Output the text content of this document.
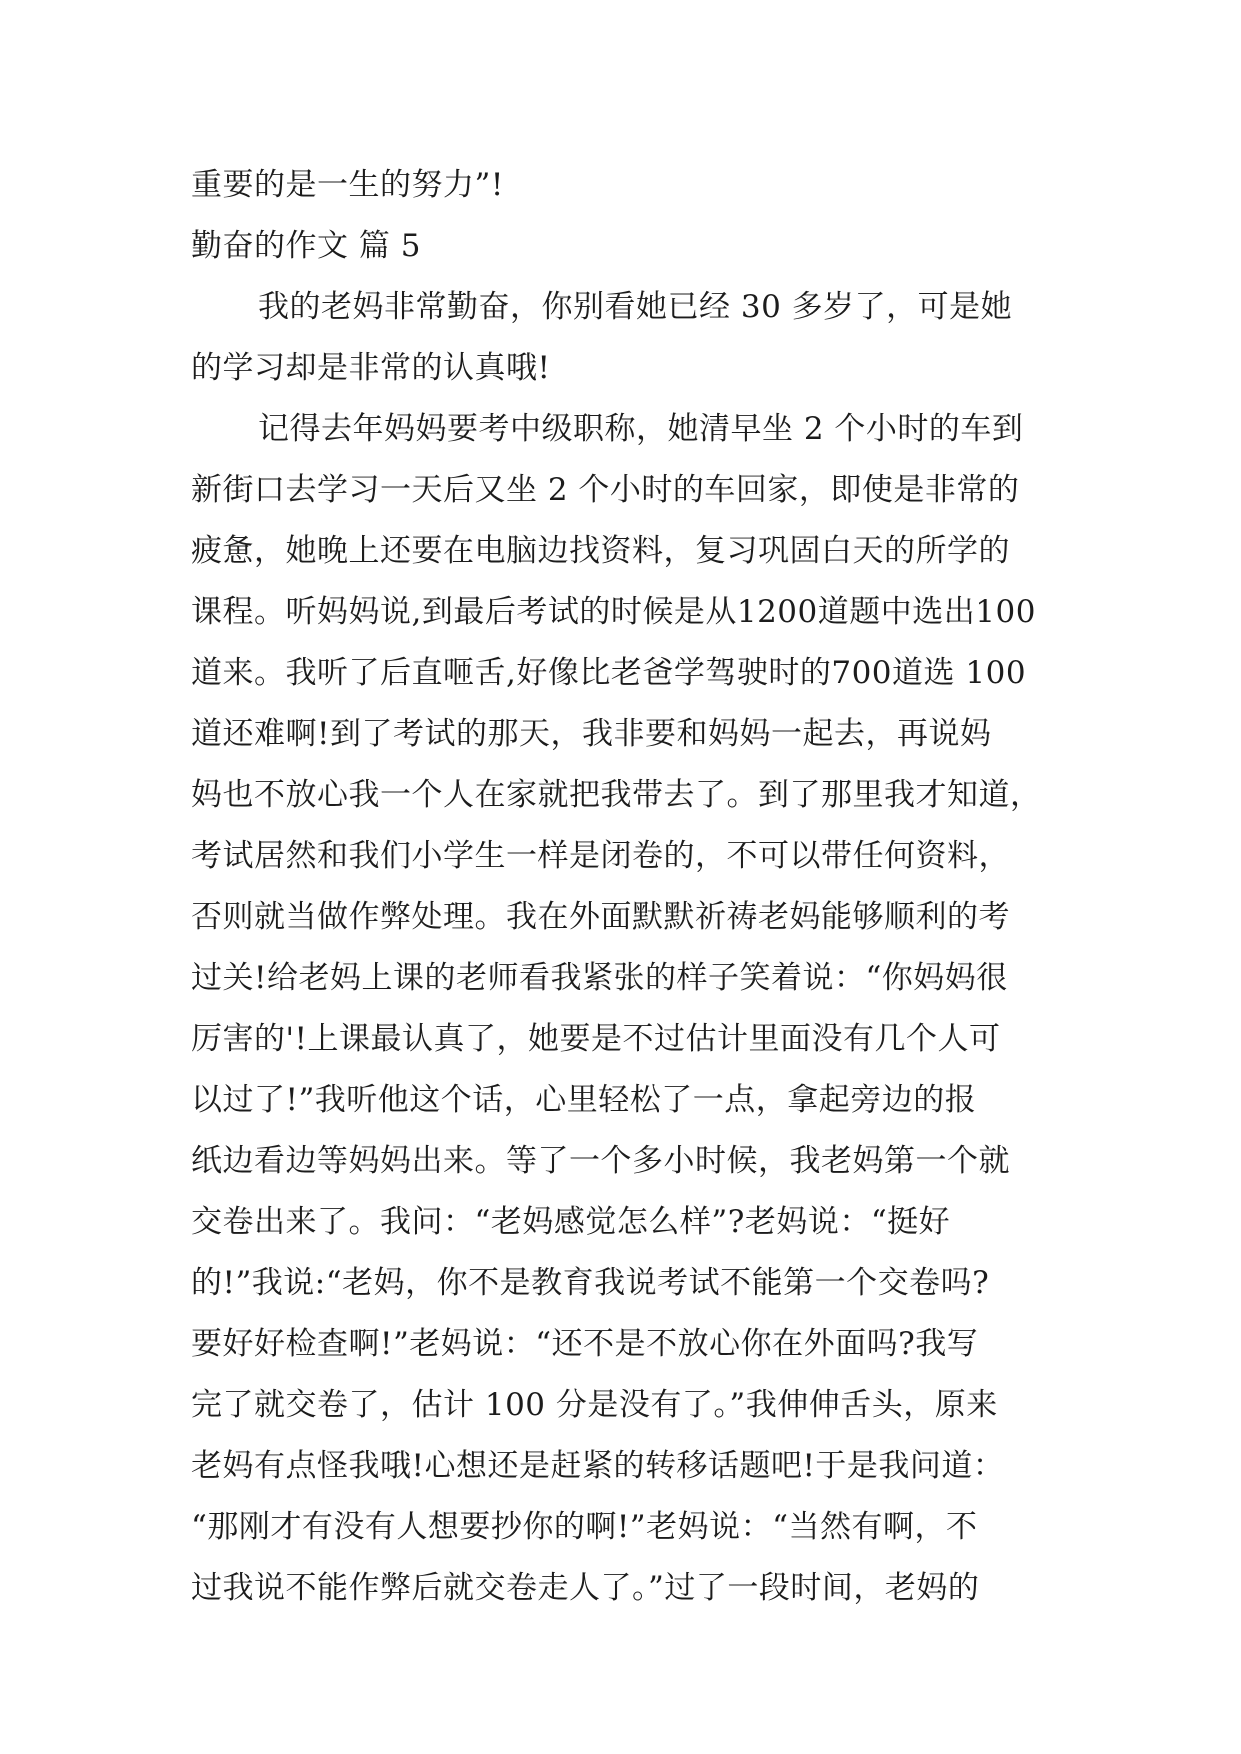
重要的是一生的努力”!
勤奋的作文 篇 5
我的老妈非常勤奋，你别看她已经 30 多岁了，可是她
的学习却是非常的认真哦!
记得去年妈妈要考中级职称，她清早坐 2 个小时的车到
新街口去学习一天后又坐 2 个小时的车回家，即使是非常的
疲惫，她晚上还要在电脑边找资料，复习巩固白天的所学的
课程。听妈妈说,到最后考试的时候是从1200道题中选出100
道来。我听了后直咂舌,好像比老爸学驾驶时的700道选 100
道还难啊!到了考试的那天，我非要和妈妈一起去，再说妈
妈也不放心我一个人在家就把我带去了。到了那里我才知道，
考试居然和我们小学生一样是闭卷的，不可以带任何资料，
否则就当做作弊处理。我在外面默默祈祷老妈能够顺利的考
过关!给老妈上课的老师看我紧张的样子笑着说：“你妈妈很
厉害的'!上课最认真了，她要是不过估计里面没有几个人可
以过了!”我听他这个话，心里轻松了一点，拿起旁边的报
纸边看边等妈妈出来。等了一个多小时候，我老妈第一个就
交卷出来了。我问：“老妈感觉怎么样”?老妈说：“挺好
的!”我说:“老妈，你不是教育我说考试不能第一个交卷吗?
要好好检查啊!”老妈说：“还不是不放心你在外面吗?我写
完了就交卷了，估计 100 分是没有了。”我伸伸舌头，原来
老妈有点怪我哦!心想还是赶紧的转移话题吧!于是我问道：
“那刚才有没有人想要抄你的啊!”老妈说：“当然有啊，不
过我说不能作弊后就交卷走人了。”过了一段时间，老妈的
